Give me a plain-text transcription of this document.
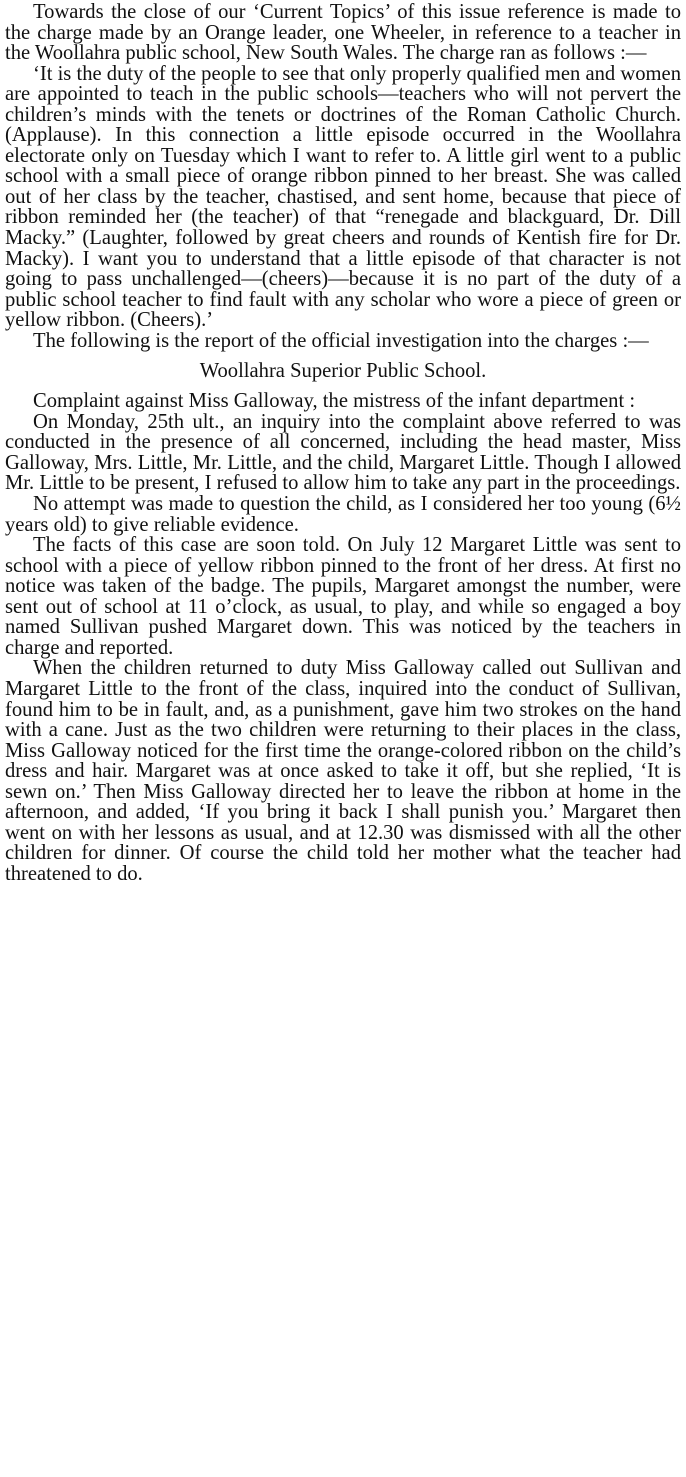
Towards the close of our ‘Current Topics’ of this issue reference is made to the charge made by an Orange leader, one Wheeler, in reference to a teacher in the Woollahra public school, New South Wales. The charge ran as follows :—

‘It is the duty of the people to see that only properly qualified men and women are appointed to teach in the public schools—teachers who will not pervert the children’s minds with the tenets or doctrines of the Roman Catholic Church. (Applause). In this connection a little episode occurred in the Woollahra electorate only on Tuesday which I want to refer to. A little girl went to a public school with a small piece of orange ribbon pinned to her breast. She was called out of her class by the teacher, chastised, and sent home, because that piece of ribbon reminded her (the teacher) of that “renegade and blackguard, Dr. Dill Macky.” (Laughter, followed by great cheers and rounds of Kentish fire for Dr. Macky). I want you to understand that a little episode of that character is not going to pass unchallenged—(cheers)—because it is no part of the duty of a public school teacher to find fault with any scholar who wore a piece of green or yellow ribbon. (Cheers).’

The following is the report of the official investigation into the charges :—

Woollahra Superior Public School.

Complaint against Miss Galloway, the mistress of the infant department :

On Monday, 25th ult., an inquiry into the complaint above referred to was conducted in the presence of all concerned, including the head master, Miss Galloway, Mrs. Little, Mr. Little, and the child, Margaret Little. Though I allowed Mr. Little to be present, I refused to allow him to take any part in the proceedings.

No attempt was made to question the child, as I considered her too young (6½ years old) to give reliable evidence.

The facts of this case are soon told. On July 12 Margaret Little was sent to school with a piece of yellow ribbon pinned to the front of her dress. At first no notice was taken of the badge. The pupils, Margaret amongst the number, were sent out of school at 11 o’clock, as usual, to play, and while so engaged a boy named Sullivan pushed Margaret down. This was noticed by the teachers in charge and reported.

When the children returned to duty Miss Galloway called out Sullivan and Margaret Little to the front of the class, inquired into the conduct of Sullivan, found him to be in fault, and, as a punishment, gave him two strokes on the hand with a cane. Just as the two children were returning to their places in the class, Miss Galloway noticed for the first time the orange-colored ribbon on the child’s dress and hair. Margaret was at once asked to take it off, but she replied, ‘It is sewn on.’ Then Miss Galloway directed her to leave the ribbon at home in the afternoon, and added, ‘If you bring it back I shall punish you.’ Margaret then went on with her lessons as usual, and at 12.30 was dismissed with all the other children for dinner. Of course the child told her mother what the teacher had threatened to do.
